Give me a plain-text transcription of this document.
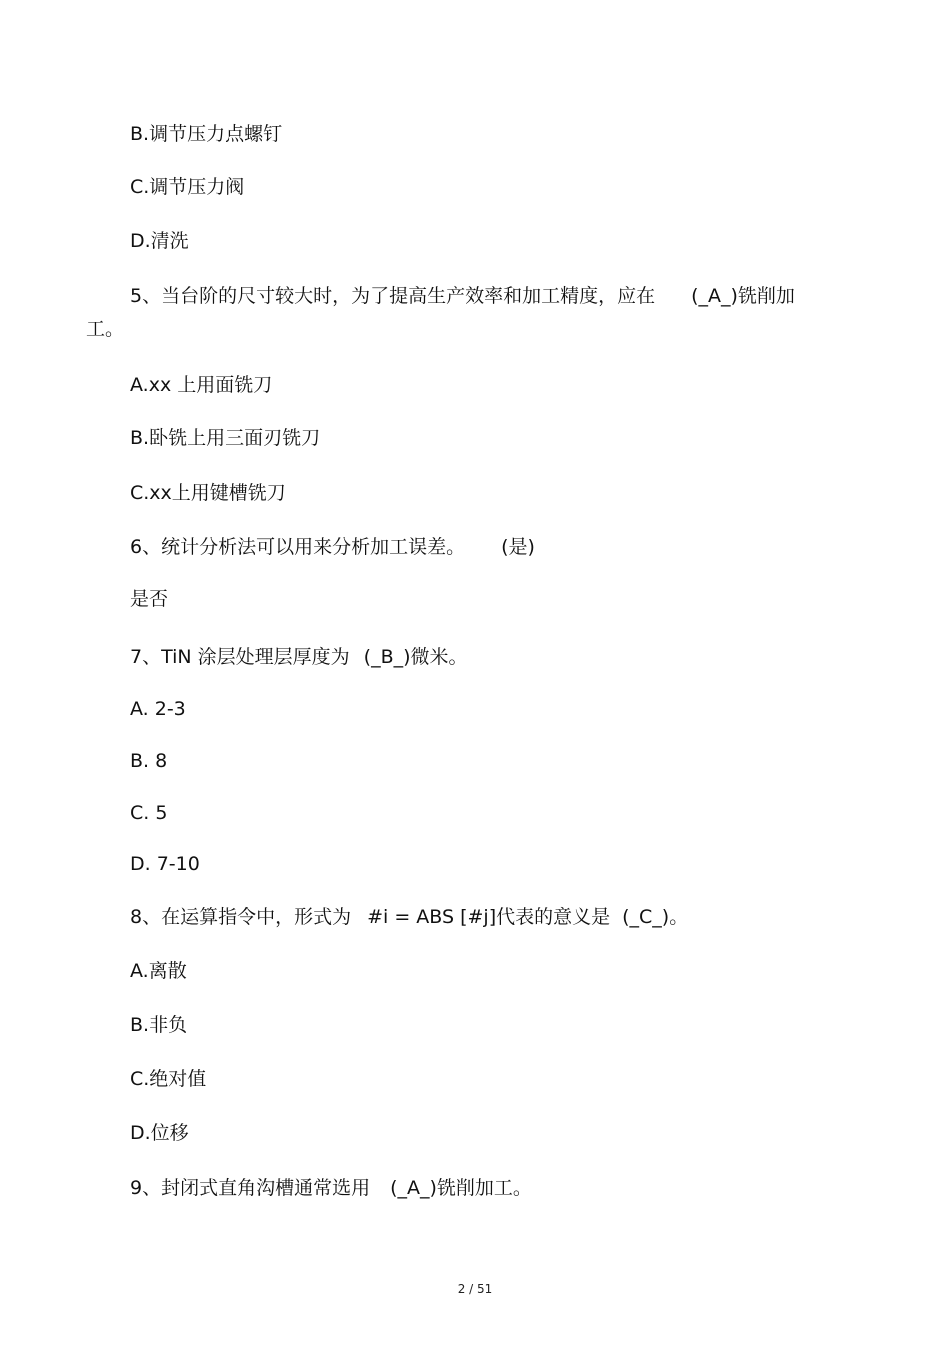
B.调节压力点螺钉
C.调节压力阀
D.清洗
5、当台阶的尺寸较大时，为了提高生产效率和加工精度，应在 (_A_)铣削加
工。
A.xx 上用面铣刀
B.卧铣上用三面刃铣刀
C.xx上用键槽铣刀
6、统计分析法可以用来分析加工误差。 (是)
是否
7、TiN 涂层处理层厚度为 (_B_)微米。
A. 2-3
B. 8
C. 5
D. 7-10
8、在运算指令中，形式为 #i = ABS [#j]代表的意义是 (_C_)。
A.离散
B.非负
C.绝对值
D.位移
9、封闭式直角沟槽通常选用 (_A_)铣削加工。
2 / 51
